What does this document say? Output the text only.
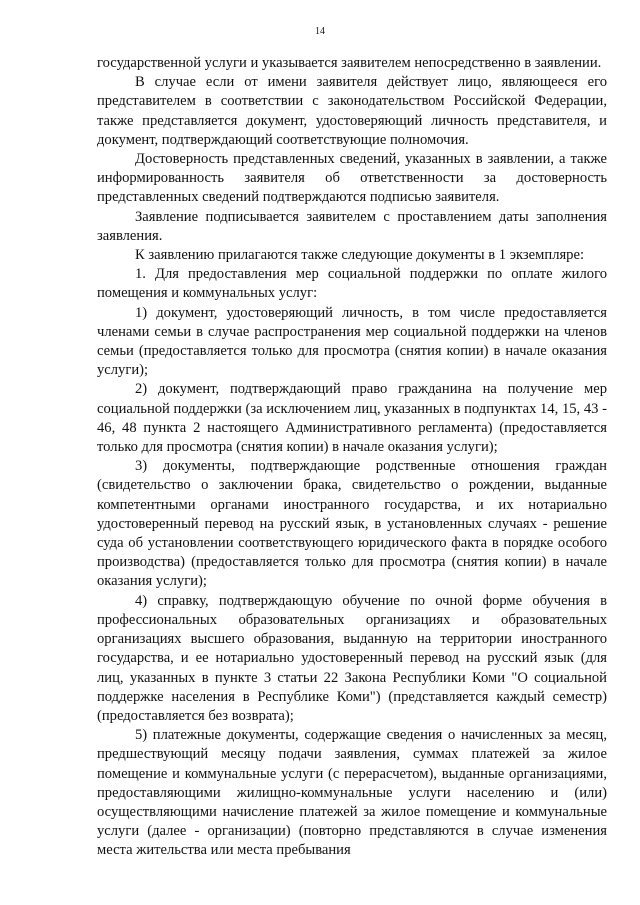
14

государственной услуги и указывается заявителем непосредственно в заявлении.

В случае если от имени заявителя действует лицо, являющееся его представителем в соответствии с законодательством Российской Федерации, также представляется документ, удостоверяющий личность представителя, и документ, подтверждающий соответствующие полномочия.

Достоверность представленных сведений, указанных в заявлении, а также информированность заявителя об ответственности за достоверность представленных сведений подтверждаются подписью заявителя.

Заявление подписывается заявителем с проставлением даты заполнения заявления.

К заявлению прилагаются также следующие документы в 1 экземпляре:

1. Для предоставления мер социальной поддержки по оплате жилого помещения и коммунальных услуг:

1) документ, удостоверяющий личность, в том числе предоставляется членами семьи в случае распространения мер социальной поддержки на членов семьи (предоставляется только для просмотра (снятия копии) в начале оказания услуги);

2) документ, подтверждающий право гражданина на получение мер социальной поддержки (за исключением лиц, указанных в подпунктах 14, 15, 43 - 46, 48 пункта 2 настоящего Административного регламента) (предоставляется только для просмотра (снятия копии) в начале оказания услуги);

3) документы, подтверждающие родственные отношения граждан (свидетельство о заключении брака, свидетельство о рождении, выданные компетентными органами иностранного государства, и их нотариально удостоверенный перевод на русский язык, в установленных случаях - решение суда об установлении соответствующего юридического факта в порядке особого производства) (предоставляется только для просмотра (снятия копии) в начале оказания услуги);

4) справку, подтверждающую обучение по очной форме обучения в профессиональных образовательных организациях и образовательных организациях высшего образования, выданную на территории иностранного государства, и ее нотариально удостоверенный перевод на русский язык (для лиц, указанных в пункте 3 статьи 22 Закона Республики Коми "О социальной поддержке населения в Республике Коми") (представляется каждый семестр) (предоставляется без возврата);

5) платежные документы, содержащие сведения о начисленных за месяц, предшествующий месяцу подачи заявления, суммах платежей за жилое помещение и коммунальные услуги (с перерасчетом), выданные организациями, предоставляющими жилищно-коммунальные услуги населению и (или) осуществляющими начисление платежей за жилое помещение и коммунальные услуги (далее - организации) (повторно представляются в случае изменения места жительства или места пребывания
